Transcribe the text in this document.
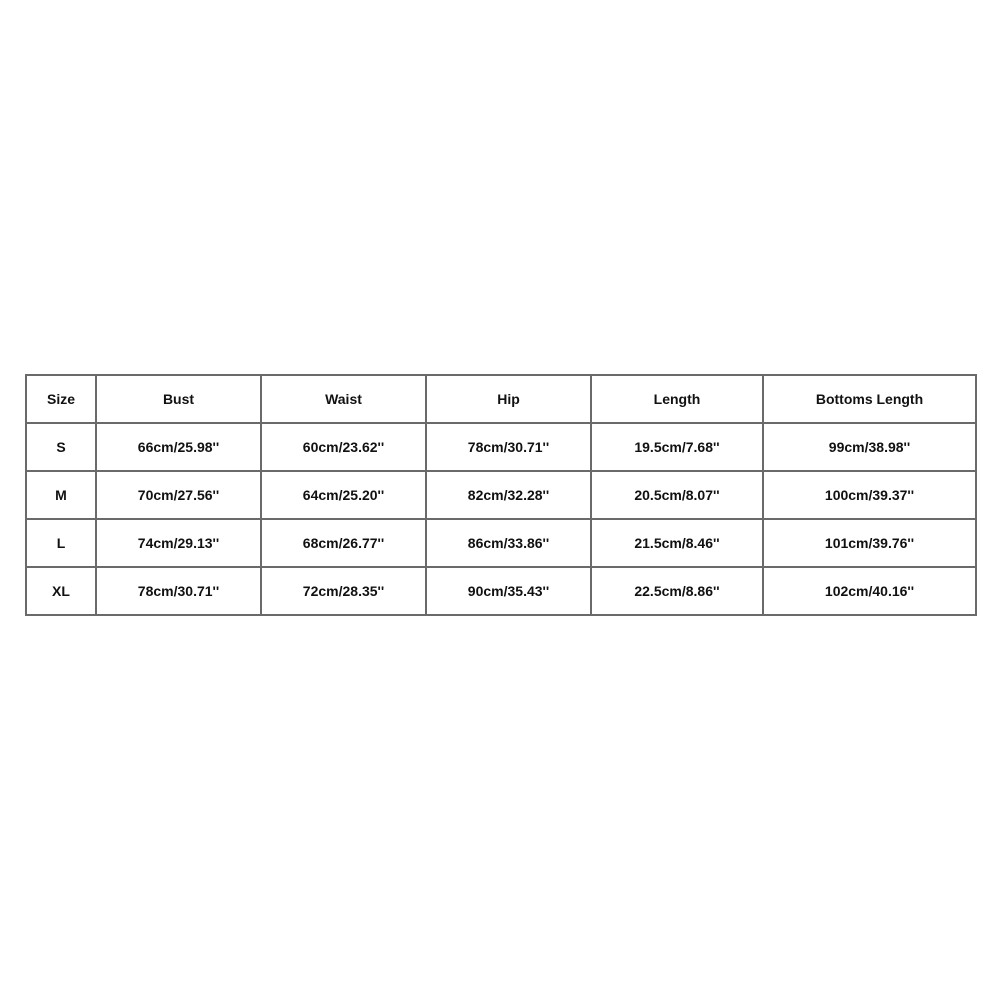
Size	Bust	Waist	Hip	Length	Bottoms Length
S	66cm/25.98''	60cm/23.62''	78cm/30.71''	19.5cm/7.68''	99cm/38.98''
M	70cm/27.56''	64cm/25.20''	82cm/32.28''	20.5cm/8.07''	100cm/39.37''
L	74cm/29.13''	68cm/26.77''	86cm/33.86''	21.5cm/8.46''	101cm/39.76''
XL	78cm/30.71''	72cm/28.35''	90cm/35.43''	22.5cm/8.86''	102cm/40.16''
